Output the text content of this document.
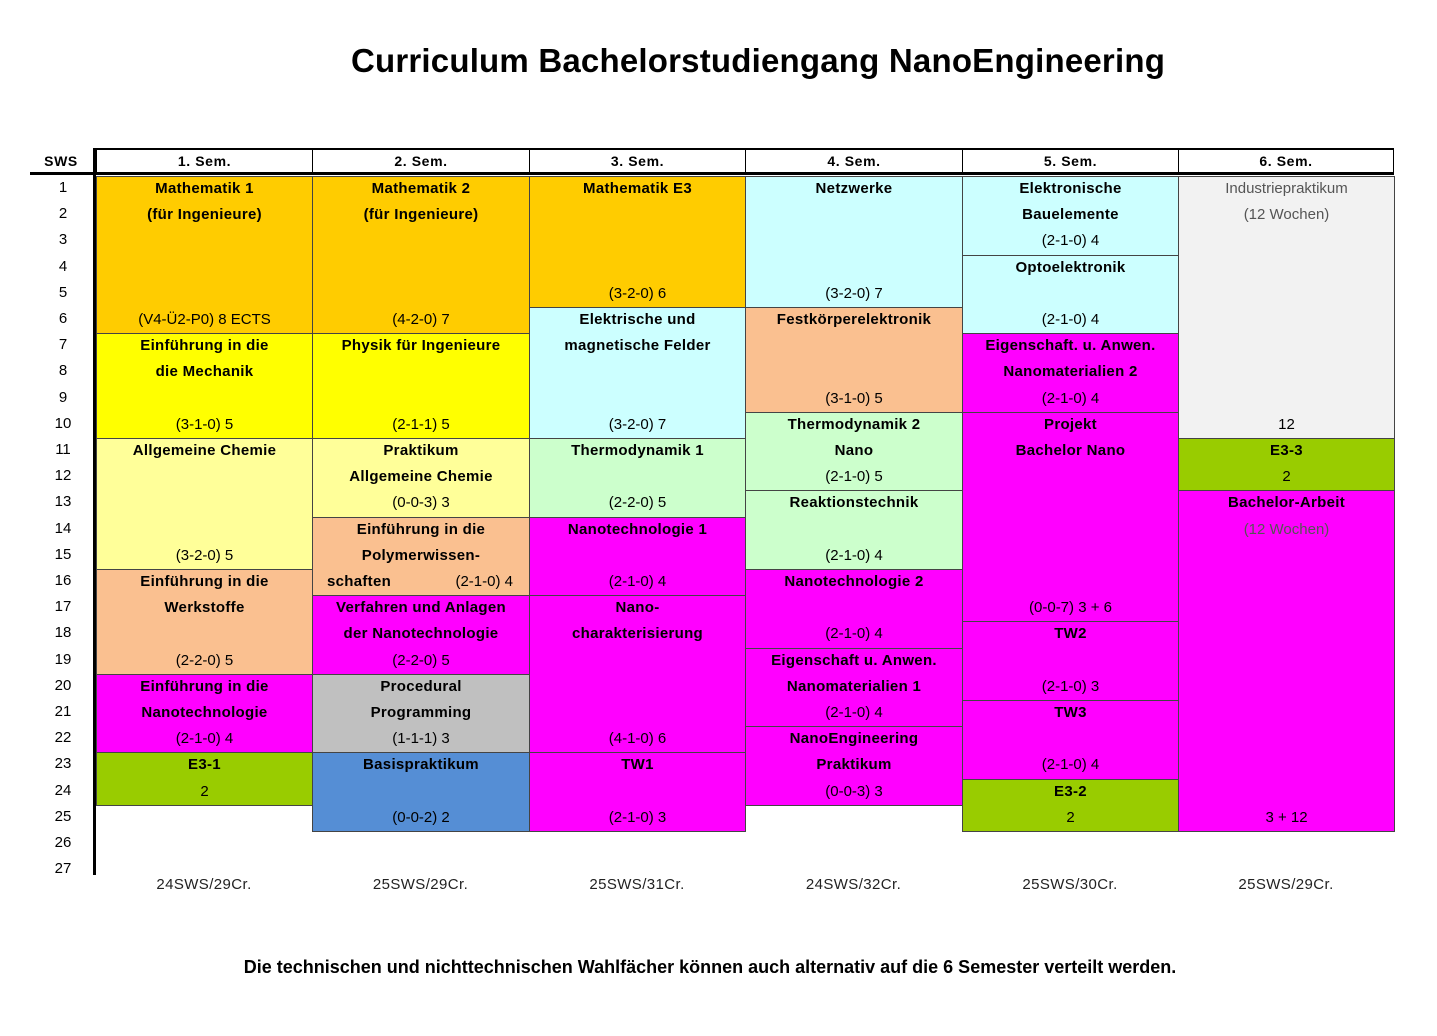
Curriculum Bachelorstudiengang NanoEngineering
SWS
1
2
3
4
5
6
7
8
9
10
11
12
13
14
15
16
17
18
19
20
21
22
23
24
25
26
27
1. Sem.
Mathematik 1
(für Ingenieure)
(V4-Ü2-P0) 8 ECTS
Einführung in die
die Mechanik
(3-1-0) 5
Allgemeine Chemie
(3-2-0) 5
Einführung in die
Werkstoffe
(2-2-0) 5
Einführung in die
Nanotechnologie
(2-1-0) 4
E3-1
2
24SWS/29Cr.
2. Sem.
Mathematik 2
(für Ingenieure)
(4-2-0) 7
Physik für Ingenieure
(2-1-1) 5
Praktikum
Allgemeine Chemie
(0-0-3) 3
Einführung in die
Polymerwissen-
schaften	(2-1-0) 4
Verfahren und Anlagen
der Nanotechnologie
(2-2-0) 5
Procedural
Programming
(1-1-1) 3
Basispraktikum
(0-0-2) 2
25SWS/29Cr.
3. Sem.
Mathematik E3
(3-2-0) 6
Elektrische und
magnetische Felder
(3-2-0) 7
Thermodynamik 1
(2-2-0) 5
Nanotechnologie 1
(2-1-0) 4
Nano-
charakterisierung
(4-1-0) 6
TW1
(2-1-0) 3
25SWS/31Cr.
4. Sem.
Netzwerke
(3-2-0) 7
Festkörperelektronik
(3-1-0) 5
Thermodynamik 2
Nano
(2-1-0) 5
Reaktionstechnik
(2-1-0) 4
Nanotechnologie 2
(2-1-0) 4
Eigenschaft u. Anwen.
Nanomaterialien 1
(2-1-0) 4
NanoEngineering
Praktikum
(0-0-3) 3
24SWS/32Cr.
5. Sem.
Elektronische
Bauelemente
(2-1-0) 4
Optoelektronik
(2-1-0) 4
Eigenschaft. u. Anwen.
Nanomaterialien 2
(2-1-0) 4
Projekt
Bachelor Nano
(0-0-7) 3 + 6
TW2
(2-1-0) 3
TW3
(2-1-0) 4
E3-2
2
25SWS/30Cr.
6. Sem.
Industriepraktikum
(12 Wochen)
12
E3-3
2
Bachelor-Arbeit
(12 Wochen)
3 + 12
25SWS/29Cr.
Die technischen und nichttechnischen Wahlfächer können auch alternativ auf die 6 Semester verteilt werden.
